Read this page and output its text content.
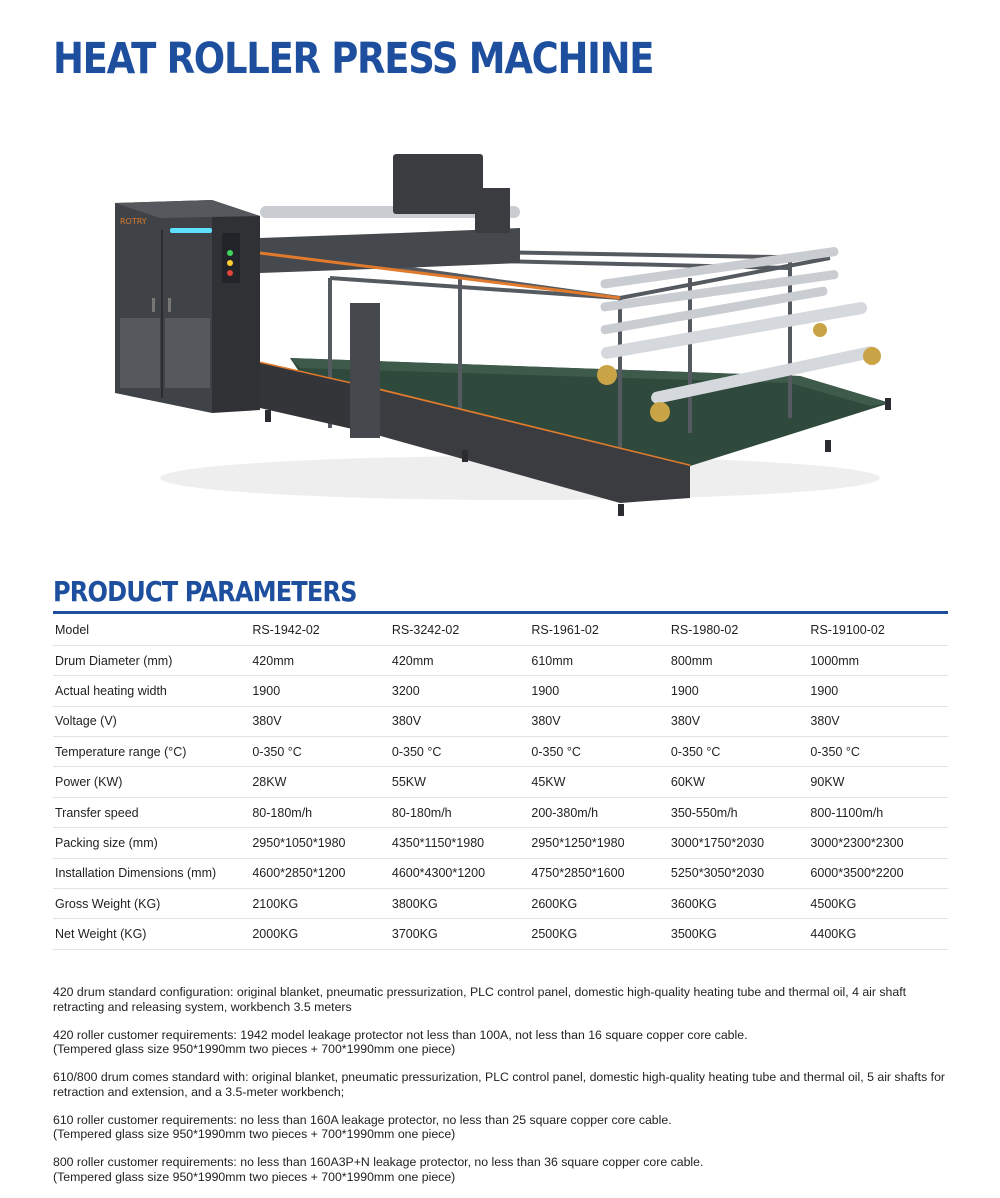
HEAT ROLLER PRESS MACHINE
ROTRY
PRODUCT PARAMETERS
Model	RS-1942-02	RS-3242-02	RS-1961-02	RS-1980-02	RS-19100-02
Drum Diameter (mm)	420mm	420mm	610mm	800mm	1000mm
Actual heating width	1900	3200	1900	1900	1900
Voltage (V)	380V	380V	380V	380V	380V
Temperature range (°C)	0-350 °C	0-350 °C	0-350 °C	0-350 °C	0-350 °C
Power (KW)	28KW	55KW	45KW	60KW	90KW
Transfer speed	80-180m/h	80-180m/h	200-380m/h	350-550m/h	800-1100m/h
Packing size (mm)	2950*1050*1980	4350*1150*1980	2950*1250*1980	3000*1750*2030	3000*2300*2300
Installation Dimensions (mm)	4600*2850*1200	4600*4300*1200	4750*2850*1600	5250*3050*2030	6000*3500*2200
Gross Weight (KG)	2100KG	3800KG	2600KG	3600KG	4500KG
Net Weight (KG)	2000KG	3700KG	2500KG	3500KG	4400KG

420 drum standard configuration: original blanket, pneumatic pressurization, PLC control panel, domestic high-quality heating tube and thermal oil, 4 air shaft
retracting and releasing system, workbench 3.5 meters

420 roller customer requirements: 1942 model leakage protector not less than 100A, not less than 16 square copper core cable.
(Tempered glass size 950*1990mm two pieces + 700*1990mm one piece)

610/800 drum comes standard with: original blanket, pneumatic pressurization, PLC control panel, domestic high-quality heating tube and thermal oil, 5 air shafts for
retraction and extension, and a 3.5-meter workbench;

610 roller customer requirements: no less than 160A leakage protector, no less than 25 square copper core cable.
(Tempered glass size 950*1990mm two pieces + 700*1990mm one piece)

800 roller customer requirements: no less than 160A3P+N leakage protector, no less than 36 square copper core cable.
(Tempered glass size 950*1990mm two pieces + 700*1990mm one piece)
